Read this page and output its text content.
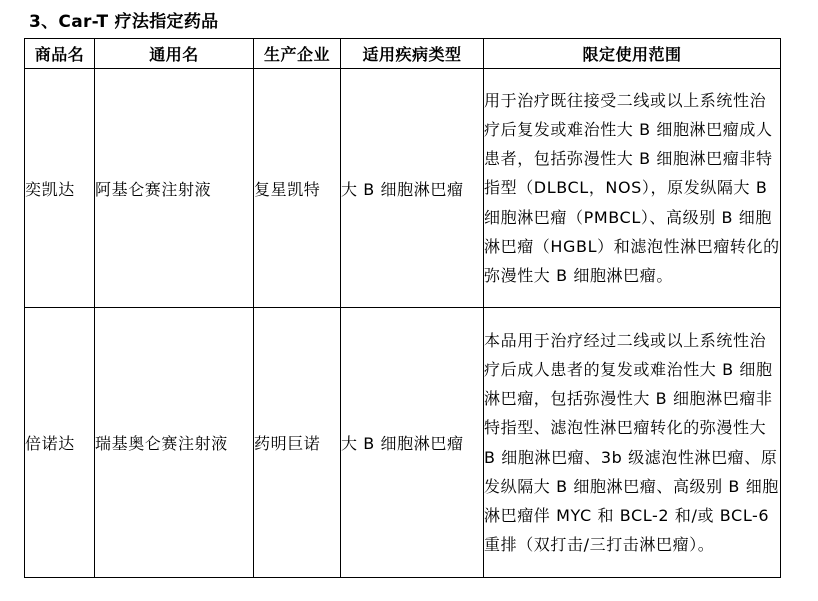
3、Car-T 疗法指定药品
商品名	通用名	生产企业	适用疾病类型	限定使用范围
奕凯达	阿基仑赛注射液	复星凯特	大 B 细胞淋巴瘤	用于治疗既往接受二线或以上系统性治疗后复发或难治性大 B 细胞淋巴瘤成人患者，包括弥漫性大 B 细胞淋巴瘤非特指型（DLBCL，NOS），原发纵隔大 B 细胞淋巴瘤（PMBCL）、高级别 B 细胞淋巴瘤（HGBL）和滤泡性淋巴瘤转化的弥漫性大 B 细胞淋巴瘤。
倍诺达	瑞基奥仑赛注射液	药明巨诺	大 B 细胞淋巴瘤	本品用于治疗经过二线或以上系统性治疗后成人患者的复发或难治性大 B 细胞淋巴瘤，包括弥漫性大 B 细胞淋巴瘤非特指型、滤泡性淋巴瘤转化的弥漫性大 B 细胞淋巴瘤、3b 级滤泡性淋巴瘤、原发纵隔大 B 细胞淋巴瘤、高级别 B 细胞淋巴瘤伴 MYC 和 BCL-2 和/或 BCL-6 重排（双打击/三打击淋巴瘤）。
